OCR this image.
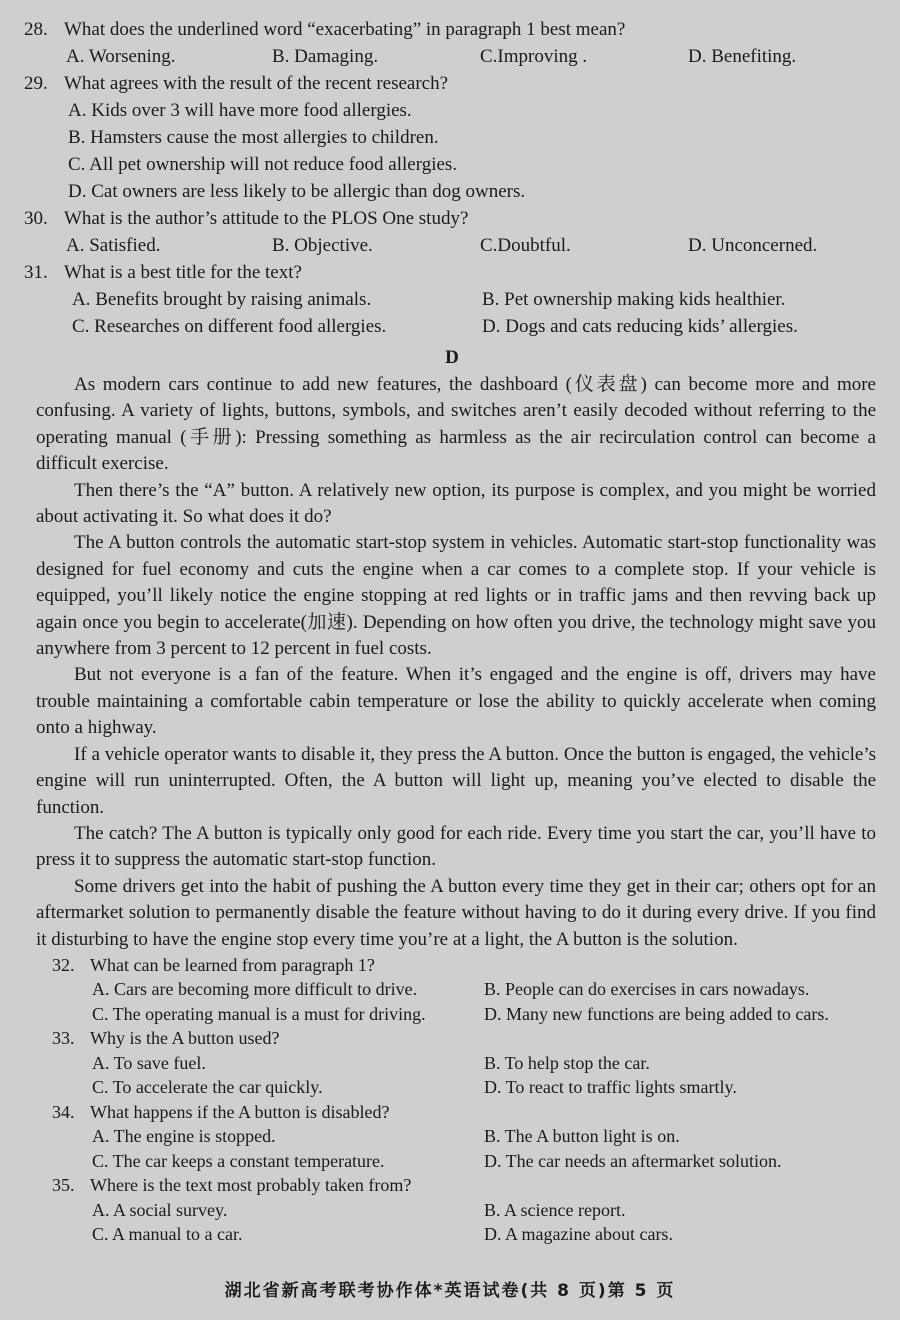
28. What does the underlined word “exacerbating” in paragraph 1 best mean?
A. Worsening.	B. Damaging.	C.Improving .	D. Benefiting.
29. What agrees with the result of the recent research?
A. Kids over 3 will have more food allergies.
B. Hamsters cause the most allergies to children.
C. All pet ownership will not reduce food allergies.
D. Cat owners are less likely to be allergic than dog owners.
30. What is the author’s attitude to the PLOS One study?
A. Satisfied.	B. Objective.	C.Doubtful.	D. Unconcerned.
31. What is a best title for the text?
A. Benefits brought by raising animals.	B. Pet ownership making kids healthier.
C. Researches on different food allergies.	D. Dogs and cats reducing kids’ allergies.
D

As modern cars continue to add new features, the dashboard (仪表盘) can become more and more confusing. A variety of lights, buttons, symbols, and switches aren’t easily decoded without referring to the operating manual (手册): Pressing something as harmless as the air recirculation control can become a difficult exercise.

Then there’s the “A” button. A relatively new option, its purpose is complex, and you might be worried about activating it. So what does it do?

The A button controls the automatic start-stop system in vehicles. Automatic start-stop functionality was designed for fuel economy and cuts the engine when a car comes to a complete stop. If your vehicle is equipped, you’ll likely notice the engine stopping at red lights or in traffic jams and then revving back up again once you begin to accelerate(加速). Depending on how often you drive, the technology might save you anywhere from 3 percent to 12 percent in fuel costs.

But not everyone is a fan of the feature. When it’s engaged and the engine is off, drivers may have trouble maintaining a comfortable cabin temperature or lose the ability to quickly accelerate when coming onto a highway.

If a vehicle operator wants to disable it, they press the A button. Once the button is engaged, the vehicle’s engine will run uninterrupted. Often, the A button will light up, meaning you’ve elected to disable the function.

The catch? The A button is typically only good for each ride. Every time you start the car, you’ll have to press it to suppress the automatic start-stop function.

Some drivers get into the habit of pushing the A button every time they get in their car; others opt for an aftermarket solution to permanently disable the feature without having to do it during every drive. If you find it disturbing to have the engine stop every time you’re at a light, the A button is the solution.

32. What can be learned from paragraph 1?
A. Cars are becoming more difficult to drive.	B. People can do exercises in cars nowadays.
C. The operating manual is a must for driving.	D. Many new functions are being added to cars.
33. Why is the A button used?
A. To save fuel.	B. To help stop the car.
C. To accelerate the car quickly.	D. To react to traffic lights smartly.
34. What happens if the A button is disabled?
A. The engine is stopped.	B. The A button light is on.
C. The car keeps a constant temperature.	D. The car needs an aftermarket solution.
35. Where is the text most probably taken from?
A. A social survey.	B. A science report.
C. A manual to a car.	D. A magazine about cars.
湖北省新高考联考协作体*英语试卷(共 8 页)第 5 页
